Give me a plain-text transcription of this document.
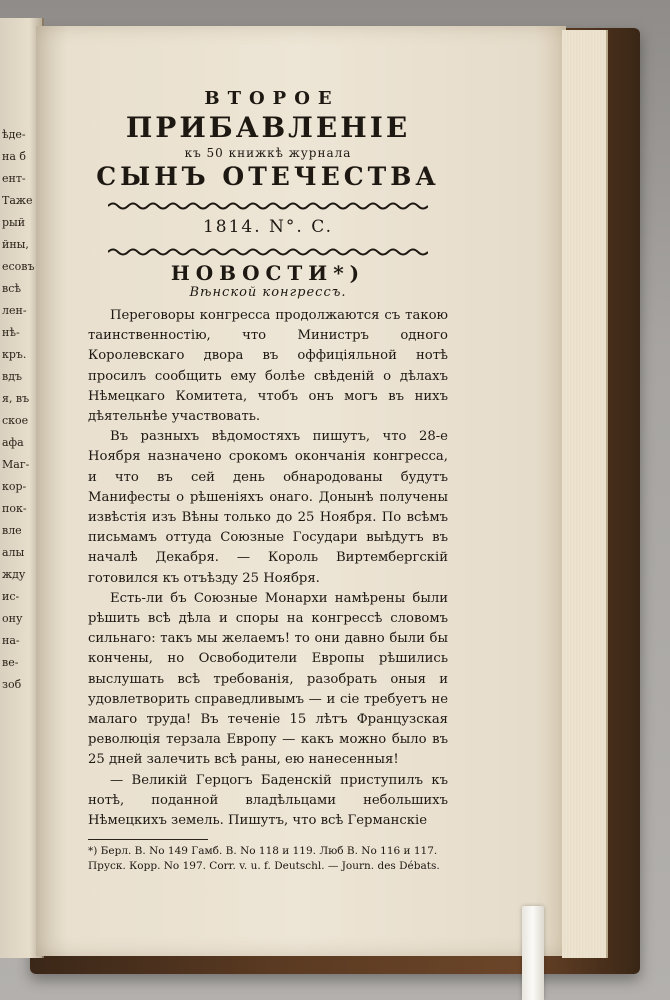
ѣде-
на б
ент-
Таже
рый
йны,
есовъ
всѣ
лен-
нѣ-
кръ.
вдъ
я, въ
ское
афа
Маг-
кор-
пок-
вле
алы
жду
ис-
ону
на-
ве-
зоб
ВТОРОЕ
ПРИБАВЛЕНIЕ
къ 50 книжкѣ журнала
СЫНЪ ОТЕЧЕСТВА
1814. N°. C.
НОВОСТИ*)
Вѣнской конгрессъ.

Переговоры конгресса продолжаются съ такою таинственностiю, что Министръ одного Королевскаго двора въ оффицiяльной нотѣ просилъ сообщить ему болѣе свѣденiй о дѣлахъ Нѣмецкаго Комитета, чтобъ онъ могъ въ нихъ дѣятельнѣе участвовать.

Въ разныхъ вѣдомостяхъ пишутъ, что 28-е Ноября назначено срокомъ окончанiя конгресса, и что въ сей день обнародованы будутъ Манифесты о рѣшенiяхъ онаго. Донынѣ получены извѣстiя изъ Вѣны только до 25 Ноября. По всѣмъ письмамъ оттуда Союзные Государи выѣдутъ въ началѣ Декабря. — Король Виртембергскiй готовился къ отъѣзду 25 Ноября.

Есть-ли бъ Союзные Монархи намѣрены были рѣшить всѣ дѣла и споры на конгрессѣ словомъ сильнаго: такъ мы желаемъ! то они давно были бы кончены, но Освободители Европы рѣшились выслушать всѣ требованiя, разобрать оныя и удовлетворить справедливымъ — и сiе требуетъ не малаго труда! Въ теченiе 15 лѣтъ Французская революцiя терзала Европу — какъ можно было въ 25 дней залечить всѣ раны, ею нанесенныя!

— Великiй Герцогъ Баденскiй приступилъ къ нотѣ, поданной владѣльцами небольшихъ Нѣмецкихъ земель. Пишутъ, что всѣ Германскiе

*) Берл. В. No 149 Гамб. В. No 118 и 119. Люб В. No 116 и 117. Пруск. Корр. No 197. Corr. v. u. f. Deutschl. — Journ. des Débats.
